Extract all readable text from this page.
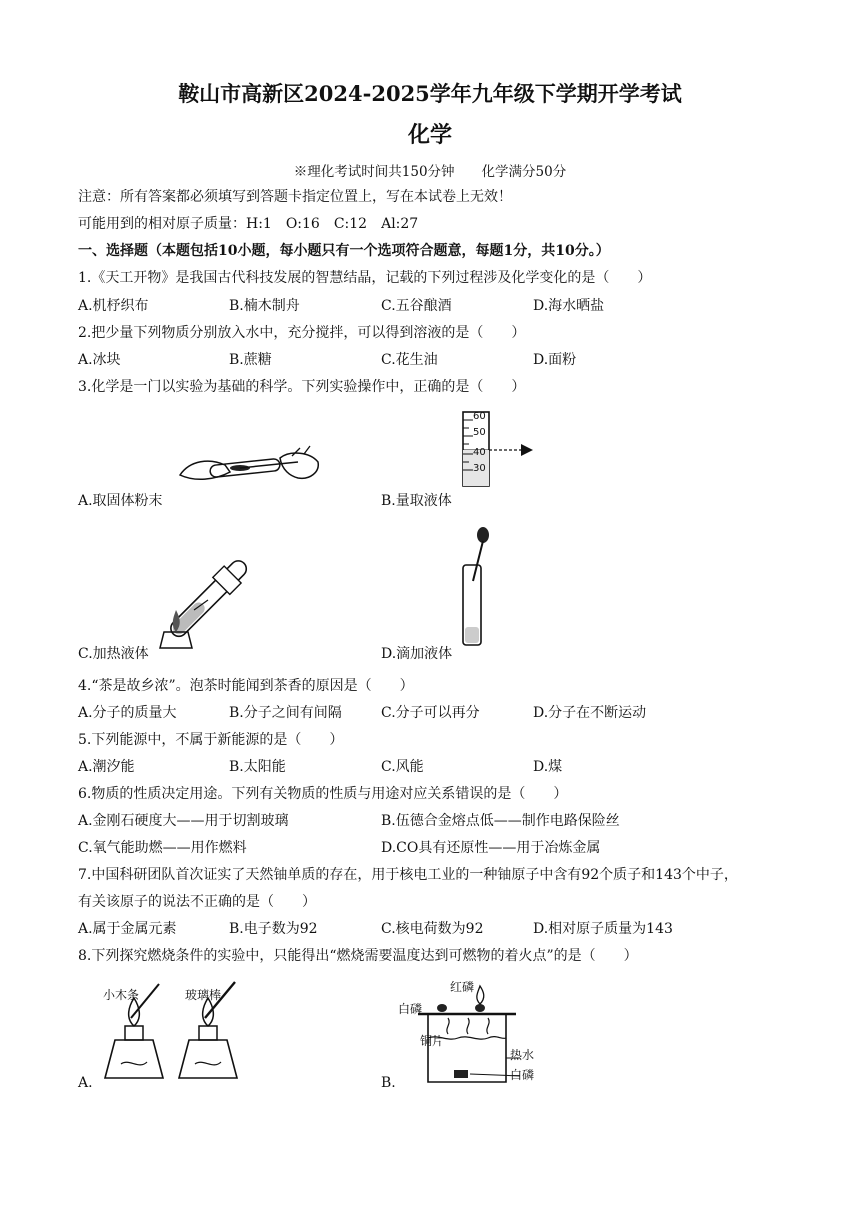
鞍山市高新区2024-2025学年九年级下学期开学考试
化学
※理化考试时间共150分钟　　化学满分50分
注意：所有答案都必须填写到答题卡指定位置上，写在本试卷上无效！
可能用到的相对原子质量：H:1　O:16　C:12　Al:27
一、选择题（本题包括10小题，每小题只有一个选项符合题意，每题1分，共10分。）
1.《天工开物》是我国古代科技发展的智慧结晶，记载的下列过程涉及化学变化的是（　　）
A.机杼织布	B.楠木制舟	C.五谷酿酒	D.海水晒盐
2.把少量下列物质分别放入水中，充分搅拌，可以得到溶液的是（　　）
A.冰块	B.蔗糖	C.花生油	D.面粉
3.化学是一门以实验为基础的科学。下列实验操作中，正确的是（　　）
A.取固体粉末
60
50
40
30
B.量取液体
C.加热液体	D.滴加液体
4.“茶是故乡浓”。泡茶时能闻到茶香的原因是（　　）
A.分子的质量大	B.分子之间有间隔	C.分子可以再分	D.分子在不断运动
5.下列能源中，不属于新能源的是（　　）
A.潮汐能	B.太阳能	C.风能	D.煤
6.物质的性质决定用途。下列有关物质的性质与用途对应关系错误的是（　　）
A.金刚石硬度大——用于切割玻璃	B.伍德合金熔点低——制作电路保险丝
C.氧气能助燃——用作燃料	D.CO具有还原性——用于冶炼金属
7.中国科研团队首次证实了天然铀单质的存在，用于核电工业的一种铀原子中含有92个质子和143个中子，
有关该原子的说法不正确的是（　　）
A.属于金属元素	B.电子数为92	C.核电荷数为92	D.相对原子质量为143
8.下列探究燃烧条件的实验中，只能得出“燃烧需要温度达到可燃物的着火点”的是（　　）
小木条	玻璃棒
A.
红磷
白磷
铜片
热水
白磷
B.
